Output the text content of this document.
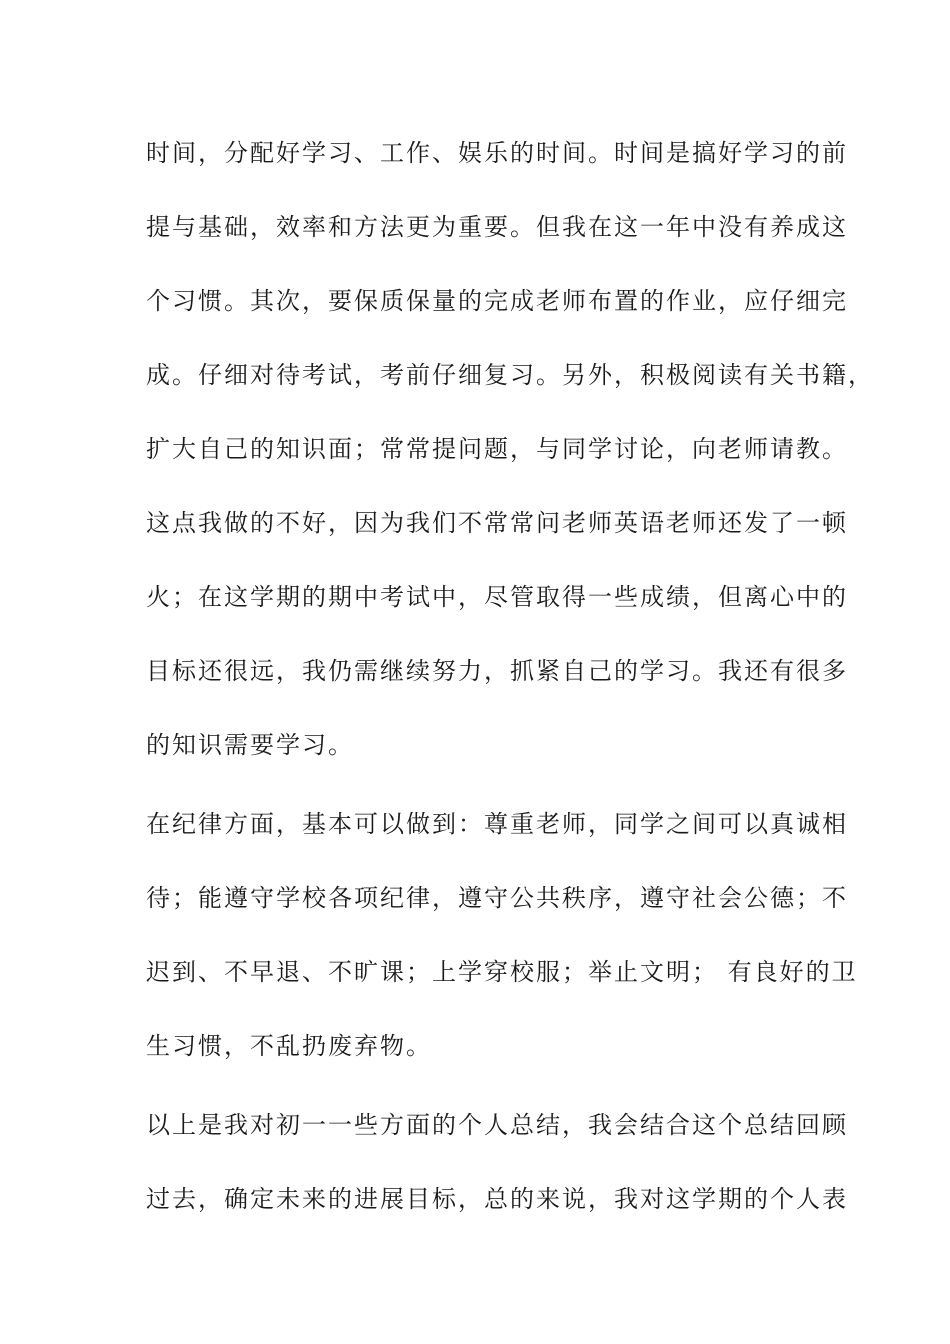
时间，分配好学习、工作、娱乐的时间。时间是搞好学习的前
提与基础，效率和方法更为重要。但我在这一年中没有养成这
个习惯。其次，要保质保量的完成老师布置的作业，应仔细完
成。仔细对待考试，考前仔细复习。另外，积极阅读有关书籍，
扩大自己的知识面；常常提问题，与同学讨论，向老师请教。
这点我做的不好，因为我们不常常问老师英语老师还发了一顿
火；在这学期的期中考试中，尽管取得一些成绩，但离心中的
目标还很远，我仍需继续努力，抓紧自己的学习。我还有很多
的知识需要学习。
在纪律方面，基本可以做到：尊重老师，同学之间可以真诚相
待；能遵守学校各项纪律，遵守公共秩序，遵守社会公德；不
迟到、不早退、不旷课；上学穿校服；举止文明； 有良好的卫
生习惯，不乱扔废弃物。
以上是我对初一一些方面的个人总结，我会结合这个总结回顾
过去，确定未来的进展目标，总的来说，我对这学期的个人表
